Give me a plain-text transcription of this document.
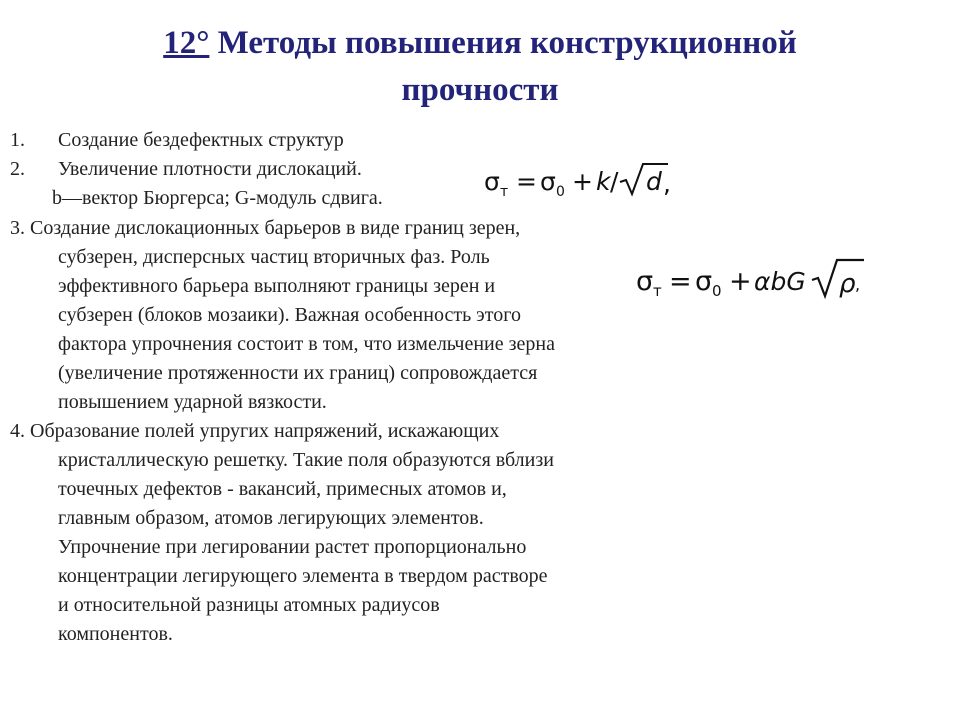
12° Методы повышения конструкционной
прочности
1. Создание бездефектных структур
2. Увеличение плотности дислокаций.
b—вектор Бюргерса; G-модуль сдвига.
3. Создание дислокационных барьеров в виде границ зерен,
субзерен, дисперсных частиц вторичных фаз. Роль
эффективного барьера выполняют границы зерен и
субзерен (блоков мозаики). Важная особенность этого
фактора упрочнения состоит в том, что измельчение зерна
(увеличение протяженности их границ) сопровождается
повышением ударной вязкости.
4. Образование полей упругих напряжений, искажающих
кристаллическую решетку. Такие поля образуются вблизи
точечных дефектов - вакансий, примесных атомов и,
главным образом, атомов легирующих элементов.
Упрочнение при легировании растет пропорционально
концентрации легирующего элемента в твердом растворе
и относительной разницы атомных радиусов
компонентов.
σ т = σ 0 + k / d ,
σ т = σ 0 + αbG ρ ,
